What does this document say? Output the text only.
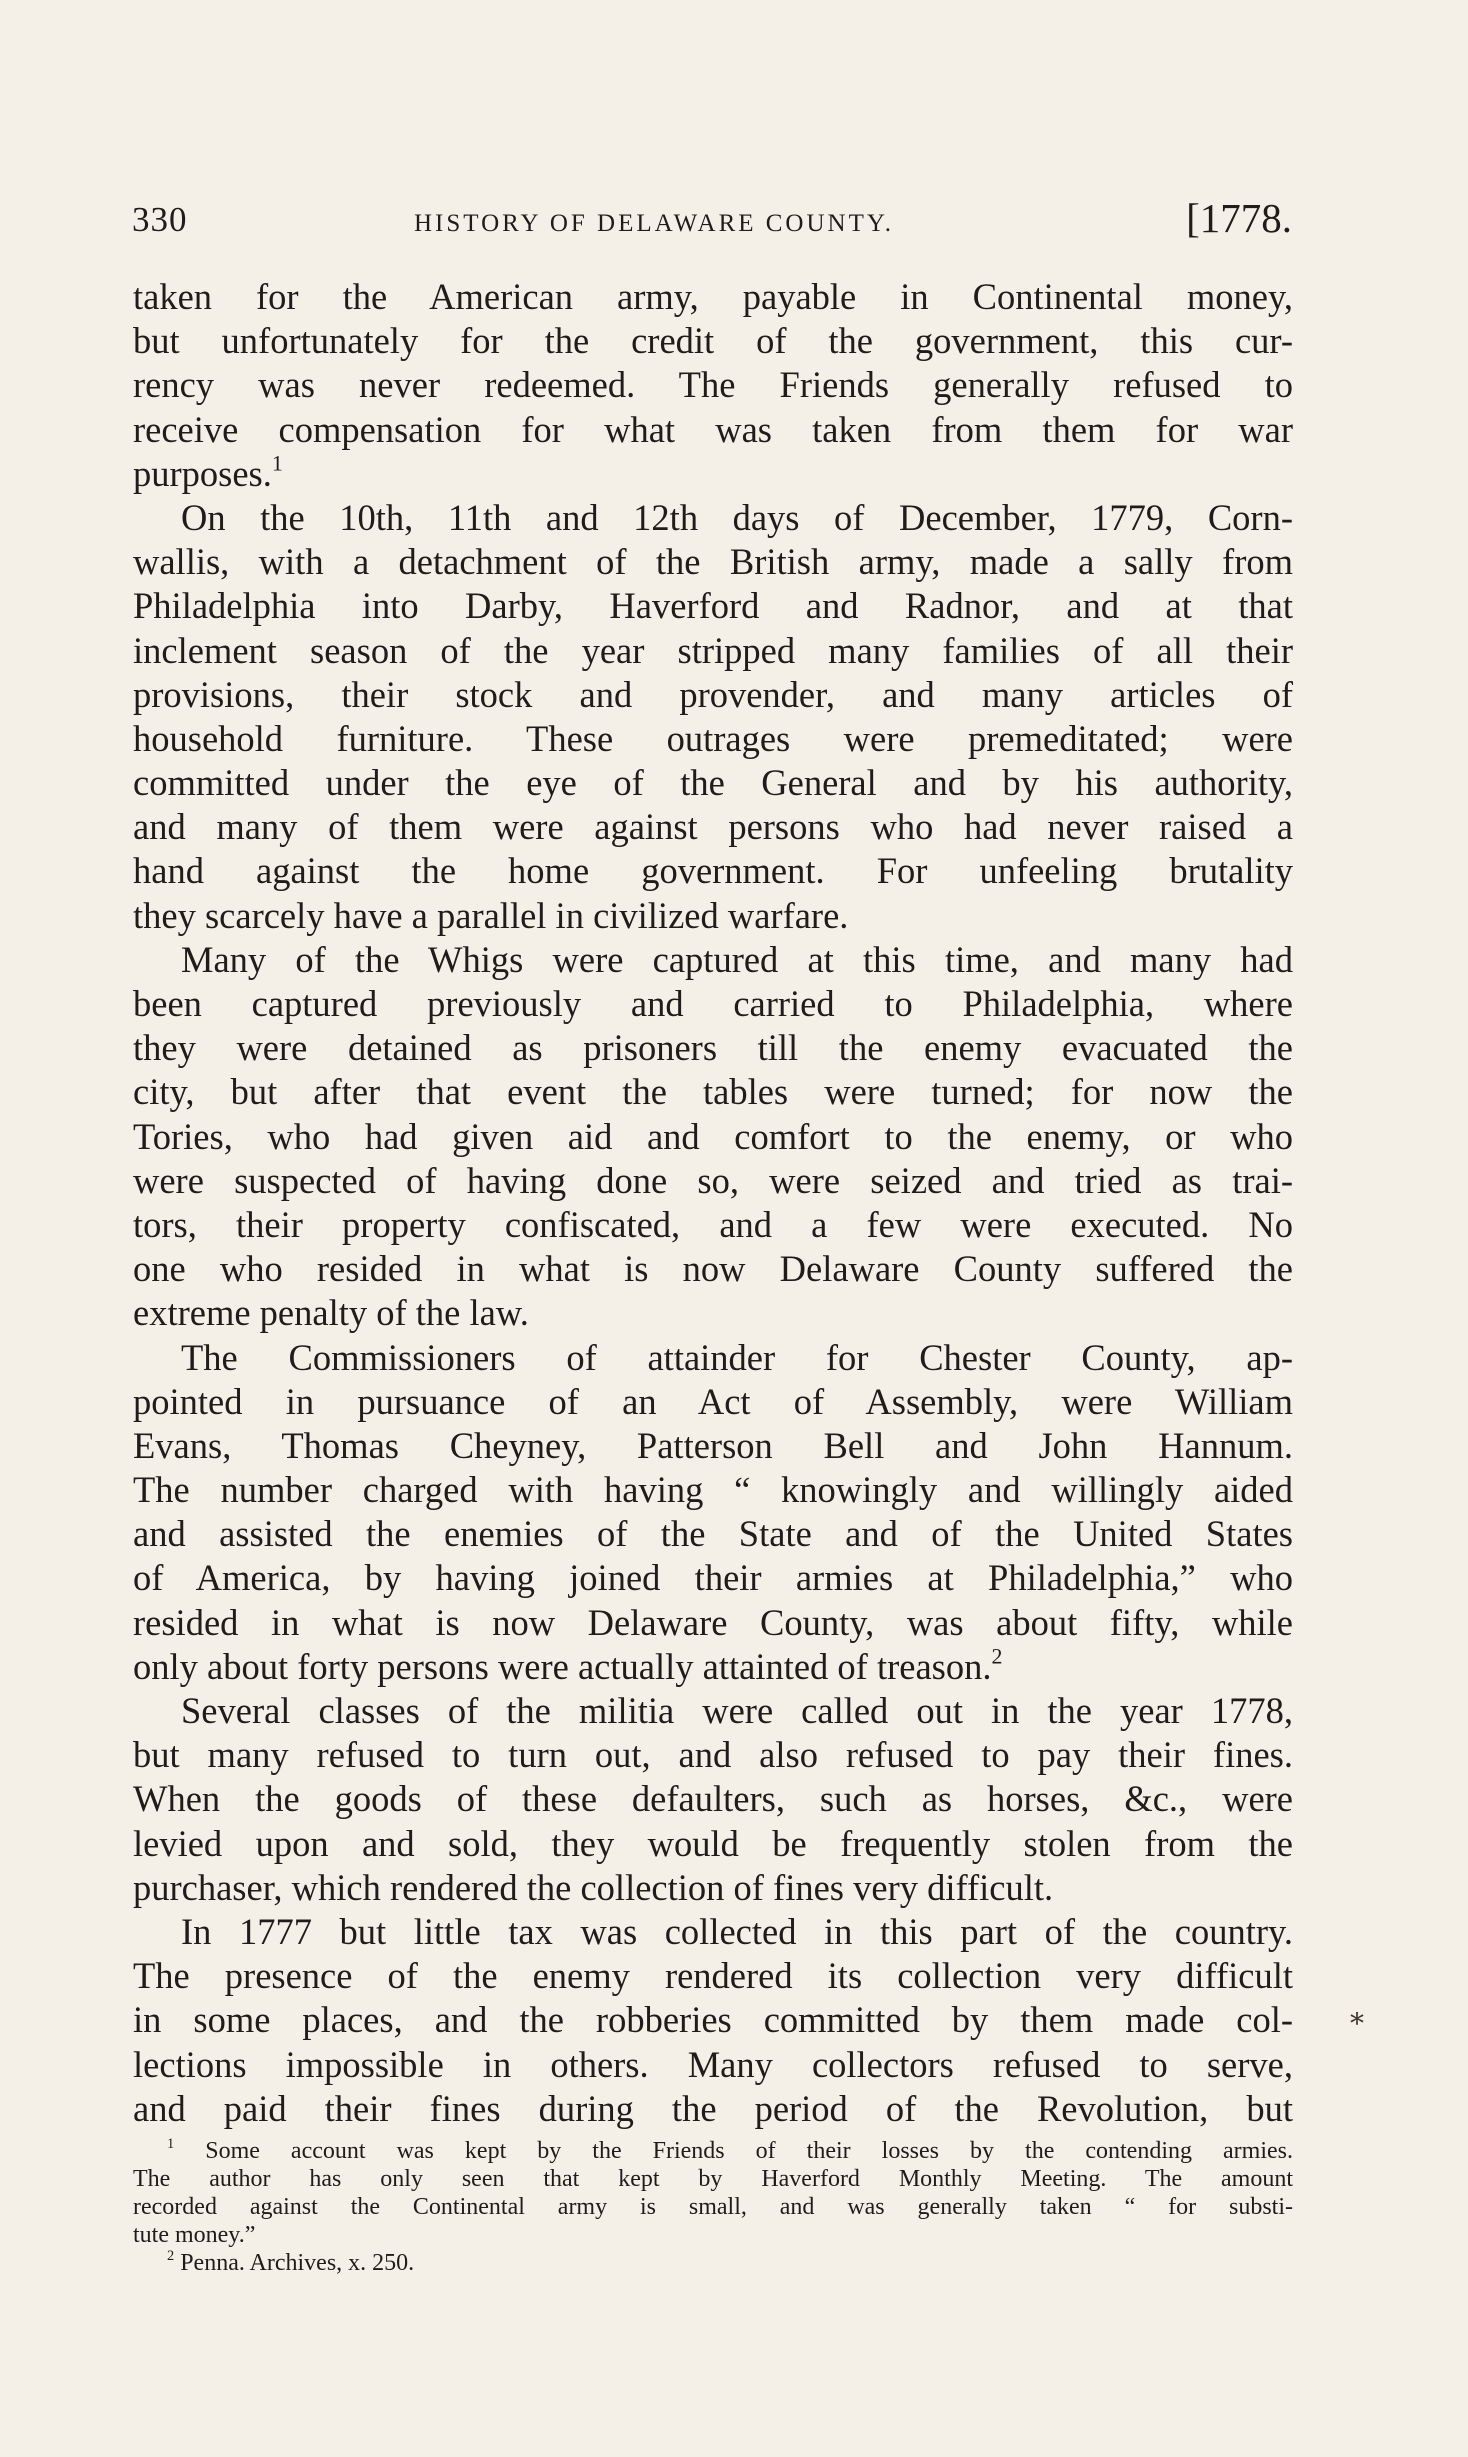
330	HISTORY OF DELAWARE COUNTY.	[1778.
taken for the American army, payable in Continental money,
but unfortunately for the credit of the government, this cur-
rency was never redeemed. The Friends generally refused to
receive compensation for what was taken from them for war
purposes.$^1$
On the 10th, 11th and 12th days of December, 1779, Corn-
wallis, with a detachment of the British army, made a sally from
Philadelphia into Darby, Haverford and Radnor, and at that
inclement season of the year stripped many families of all their
provisions, their stock and provender, and many articles of
household furniture. These outrages were premeditated; were
committed under the eye of the General and by his authority,
and many of them were against persons who had never raised a
hand against the home government. For unfeeling brutality
they scarcely have a parallel in civilized warfare.
Many of the Whigs were captured at this time, and many had
been captured previously and carried to Philadelphia, where
they were detained as prisoners till the enemy evacuated the
city, but after that event the tables were turned; for now the
Tories, who had given aid and comfort to the enemy, or who
were suspected of having done so, were seized and tried as trai-
tors, their property confiscated, and a few were executed. No
one who resided in what is now Delaware County suffered the
extreme penalty of the law.
The Commissioners of attainder for Chester County, ap-
pointed in pursuance of an Act of Assembly, were William
Evans, Thomas Cheyney, Patterson Bell and John Hannum.
The number charged with having “ knowingly and willingly aided
and assisted the enemies of the State and of the United States
of America, by having joined their armies at Philadelphia,” who
resided in what is now Delaware County, was about fifty, while
only about forty persons were actually attainted of treason.$^2$
Several classes of the militia were called out in the year 1778,
but many refused to turn out, and also refused to pay their fines.
When the goods of these defaulters, such as horses, &c., were
levied upon and sold, they would be frequently stolen from the
purchaser, which rendered the collection of fines very difficult.
In 1777 but little tax was collected in this part of the country.
The presence of the enemy rendered its collection very difficult
in some places, and the robberies committed by them made col-
lections impossible in others. Many collectors refused to serve,
and paid their fines during the period of the Revolution, but
$^1$ Some account was kept by the Friends of their losses by the contending armies.
The author has only seen that kept by Haverford Monthly Meeting. The amount
recorded against the Continental army is small, and was generally taken “ for substi-
tute money.”
$^2$ Penna. Archives, x. 250.
*
